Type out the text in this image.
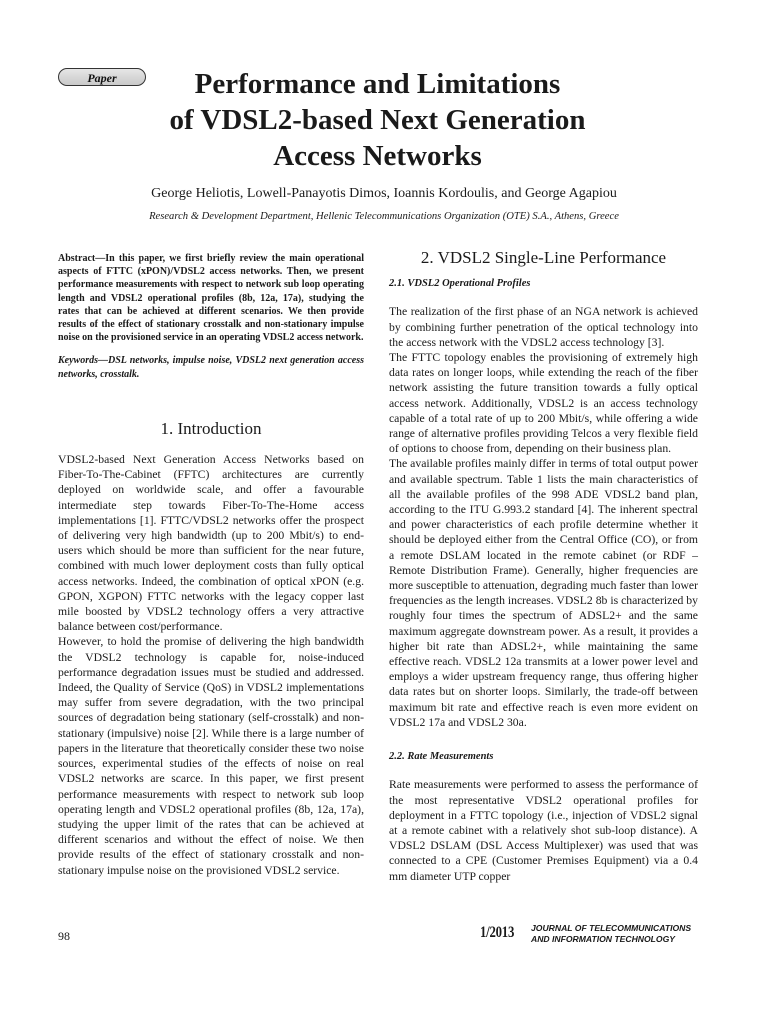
Paper	Performance and Limitations
of VDSL2-based Next Generation
Access Networks

George Heliotis, Lowell-Panayotis Dimos, Ioannis Kordoulis, and George Agapiou

Research & Development Department, Hellenic Telecommunications Organization (OTE) S.A., Athens, Greece

Abstract—In this paper, we first briefly review the main operational aspects of FTTC (xPON)/VDSL2 access networks. Then, we present performance measurements with respect to network sub loop operating length and VDSL2 operational profiles (8b, 12a, 17a), studying the rates that can be achieved at different scenarios. We then provide results of the effect of stationary crosstalk and non-stationary impulse noise on the provisioned service in an operating VDSL2 access network.

Keywords—DSL networks, impulse noise, VDSL2 next generation access networks, crosstalk.

1. Introduction

VDSL2-based Next Generation Access Networks based on Fiber-To-The-Cabinet (FFTC) architectures are currently deployed on worldwide scale, and offer a favourable intermediate step towards Fiber-To-The-Home access implementations [1]. FTTC/VDSL2 networks offer the prospect of delivering very high bandwidth (up to 200 Mbit/s) to end-users which should be more than sufficient for the near future, combined with much lower deployment costs than fully optical access networks. Indeed, the combination of optical xPON (e.g. GPON, XGPON) FTTC networks with the legacy copper last mile boosted by VDSL2 technology offers a very attractive balance between cost/performance.

However, to hold the promise of delivering the high bandwidth the VDSL2 technology is capable for, noise-induced performance degradation issues must be studied and addressed. Indeed, the Quality of Service (QoS) in VDSL2 implementations may suffer from severe degradation, with the two principal sources of degradation being stationary (self-crosstalk) and non-stationary (impulsive) noise [2]. While there is a large number of papers in the literature that theoretically consider these two noise sources, experimental studies of the effects of noise on real VDSL2 networks are scarce. In this paper, we first present performance measurements with respect to network sub loop operating length and VDSL2 operational profiles (8b, 12a, 17a), studying the upper limit of the rates that can be achieved at different scenarios and without the effect of noise. We then provide results of the effect of stationary crosstalk and non-stationary impulse noise on the provisioned VDSL2 service.

2. VDSL2 Single-Line Performance
2.1. VDSL2 Operational Profiles

The realization of the first phase of an NGA network is achieved by combining further penetration of the optical technology into the access network with the VDSL2 access technology [3].

The FTTC topology enables the provisioning of extremely high data rates on longer loops, while extending the reach of the fiber network assisting the future transition towards a fully optical access network. Additionally, VDSL2 is an access technology capable of a total rate of up to 200 Mbit/s, while offering a wide range of alternative profiles providing Telcos a very flexible field of options to choose from, depending on their business plan.

The available profiles mainly differ in terms of total output power and available spectrum. Table 1 lists the main characteristics of all the available profiles of the 998 ADE VDSL2 band plan, according to the ITU G.993.2 standard [4]. The inherent spectral and power characteristics of each profile determine whether it should be deployed either from the Central Office (CO), or from a remote DSLAM located in the remote cabinet (or RDF – Remote Distribution Frame). Generally, higher frequencies are more susceptible to attenuation, degrading much faster than lower frequencies as the length increases. VDSL2 8b is characterized by roughly four times the spectrum of ADSL2+ and the same maximum aggregate downstream power. As a result, it provides a higher bit rate than ADSL2+, while maintaining the same effective reach. VDSL2 12a transmits at a lower power level and employs a wider upstream frequency range, thus offering higher data rates but on shorter loops. Similarly, the trade-off between maximum bit rate and effective reach is even more evident on VDSL2 17a and VDSL2 30a.

2.2. Rate Measurements

Rate measurements were performed to assess the performance of the most representative VDSL2 operational profiles for deployment in a FTTC topology (i.e., injection of VDSL2 signal at a remote cabinet with a relatively shot sub-loop distance). A VDSL2 DSLAM (DSL Access Multiplexer) was used that was connected to a CPE (Customer Premises Equipment) via a 0.4 mm diameter UTP copper

98	1/2013 JOURNAL OF TELECOMMUNICATIONS
AND INFORMATION TECHNOLOGY
